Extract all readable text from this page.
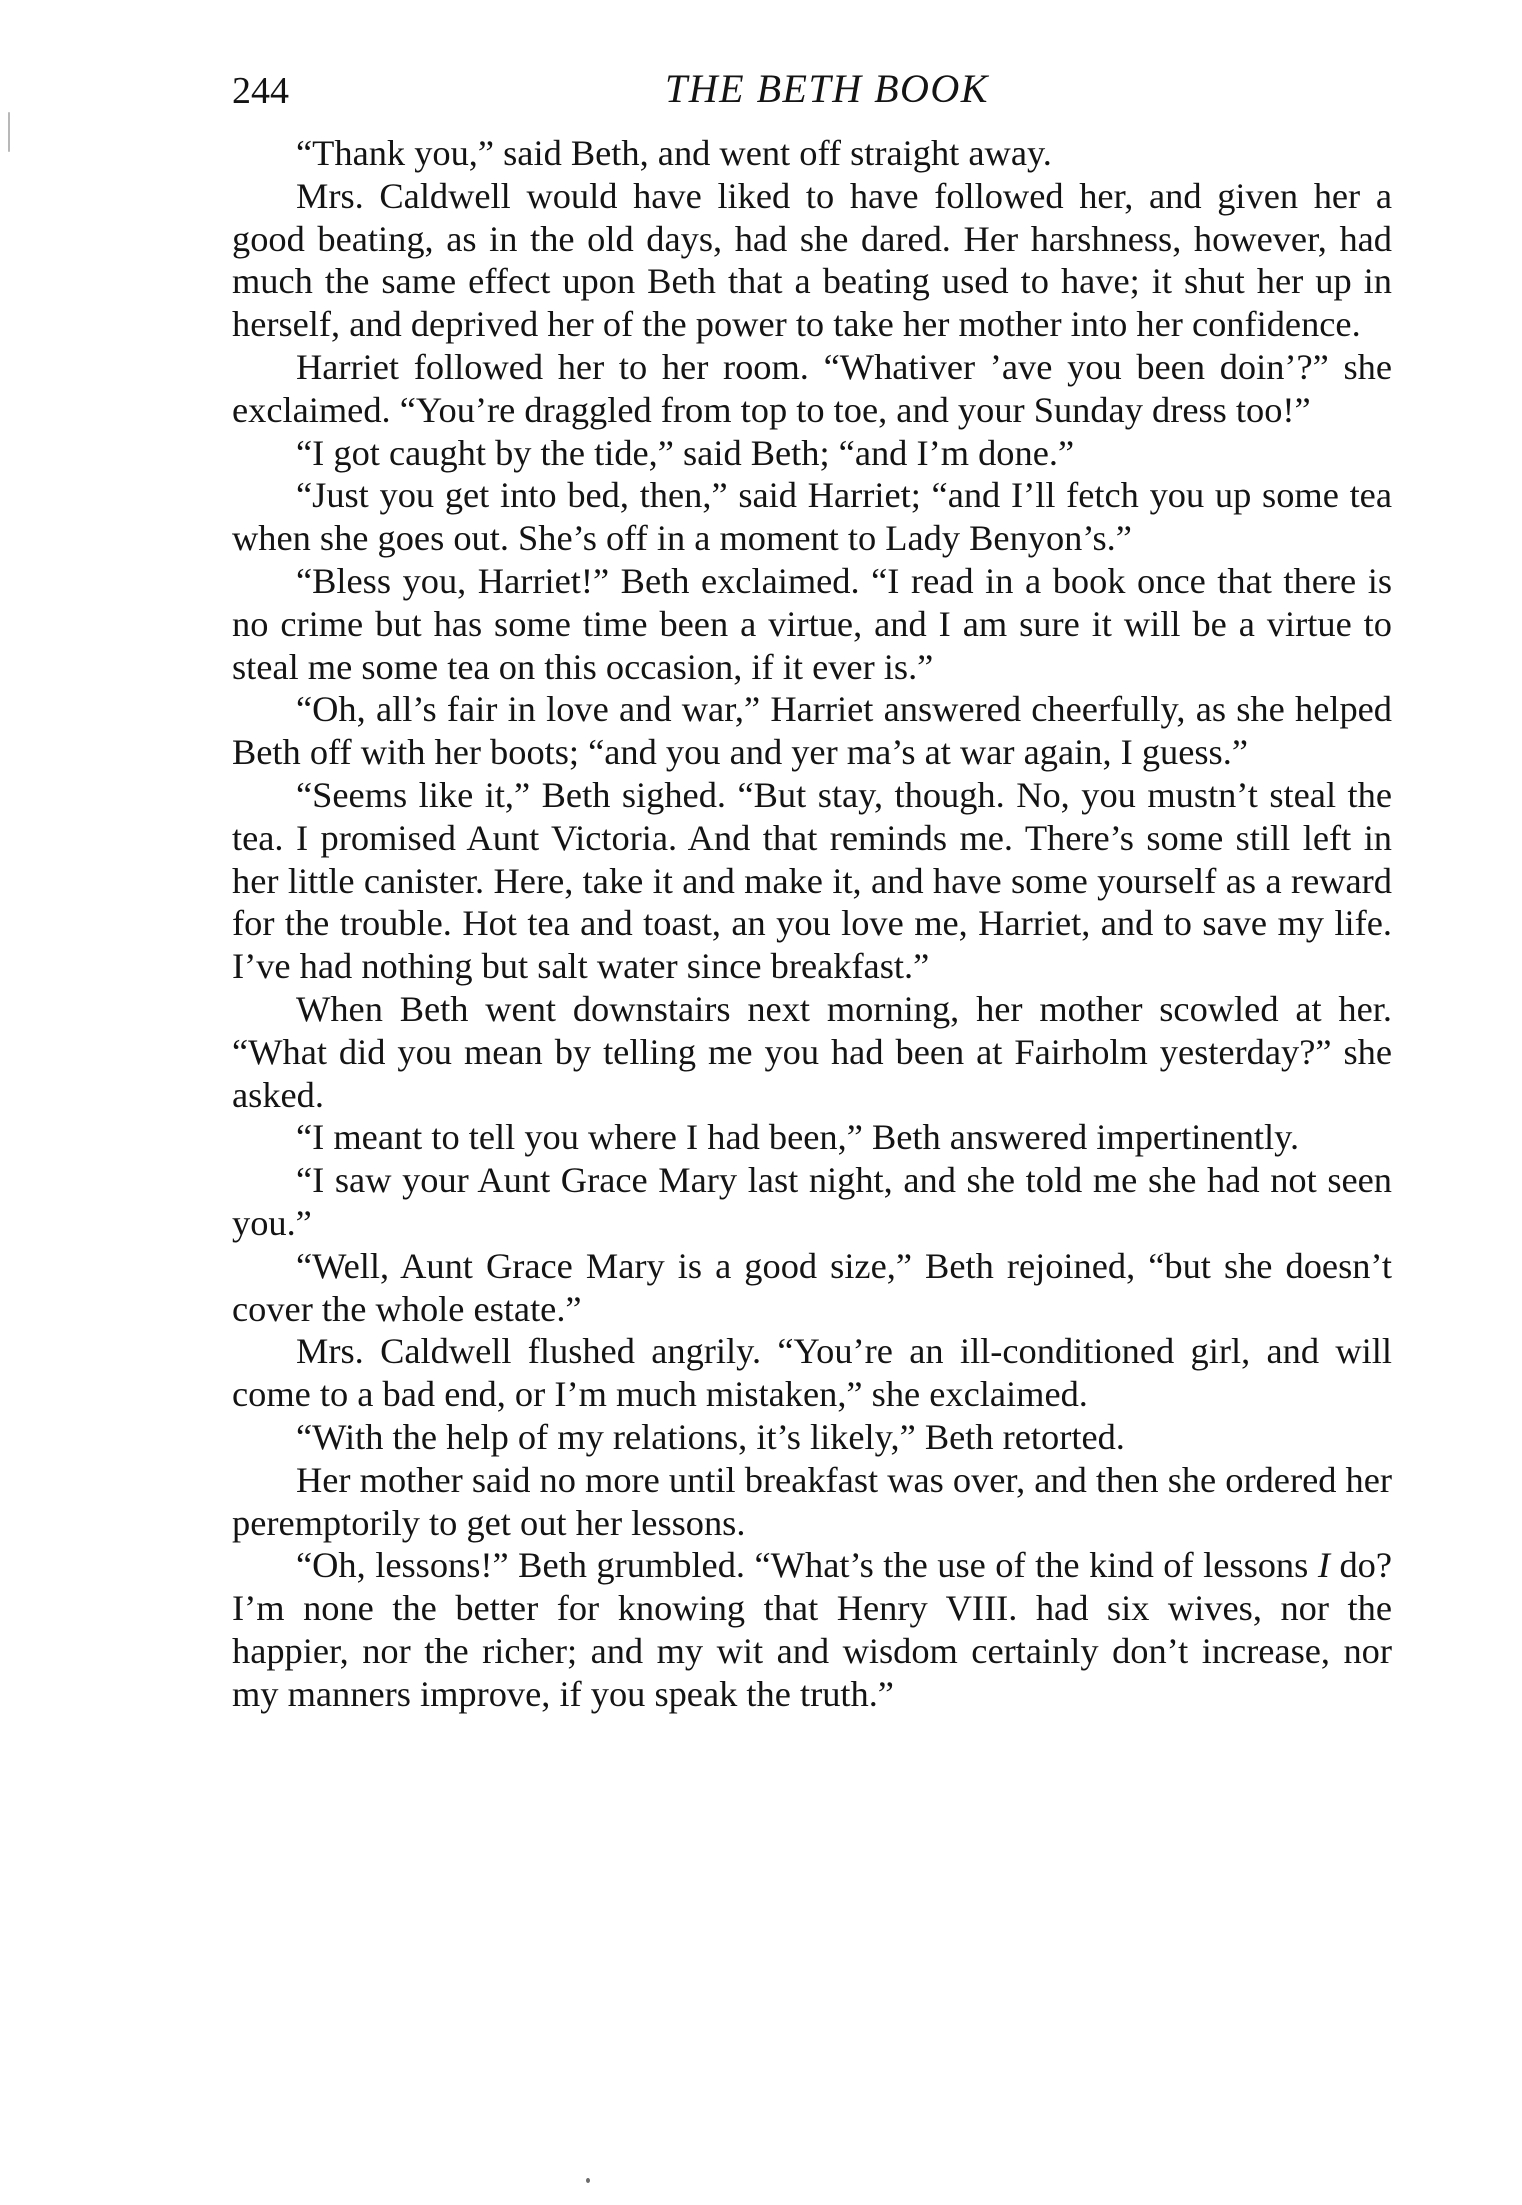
244	THE BETH BOOK

“Thank you,” said Beth, and went off straight away.

Mrs. Caldwell would have liked to have followed her, and given her a good beating, as in the old days, had she dared. Her harshness, however, had much the same effect upon Beth that a beating used to have; it shut her up in herself, and deprived her of the power to take her mother into her confidence.

Harriet followed her to her room. “Whativer ’ave you been doin’?” she exclaimed. “You’re draggled from top to toe, and your Sunday dress too!”

“I got caught by the tide,” said Beth; “and I’m done.”

“Just you get into bed, then,” said Harriet; “and I’ll fetch you up some tea when she goes out. She’s off in a moment to Lady Benyon’s.”

“Bless you, Harriet!” Beth exclaimed. “I read in a book once that there is no crime but has some time been a virtue, and I am sure it will be a virtue to steal me some tea on this occasion, if it ever is.”

“Oh, all’s fair in love and war,” Harriet answered cheerfully, as she helped Beth off with her boots; “and you and yer ma’s at war again, I guess.”

“Seems like it,” Beth sighed. “But stay, though. No, you mustn’t steal the tea. I promised Aunt Victoria. And that reminds me. There’s some still left in her little canister. Here, take it and make it, and have some yourself as a reward for the trouble. Hot tea and toast, an you love me, Harriet, and to save my life. I’ve had nothing but salt water since breakfast.”

When Beth went downstairs next morning, her mother scowled at her. “What did you mean by telling me you had been at Fairholm yesterday?” she asked.

“I meant to tell you where I had been,” Beth answered impertinently.

“I saw your Aunt Grace Mary last night, and she told me she had not seen you.”

“Well, Aunt Grace Mary is a good size,” Beth rejoined, “but she doesn’t cover the whole estate.”

Mrs. Caldwell flushed angrily. “You’re an ill-conditioned girl, and will come to a bad end, or I’m much mistaken,” she exclaimed.

“With the help of my relations, it’s likely,” Beth retorted.

Her mother said no more until breakfast was over, and then she ordered her peremptorily to get out her lessons.

“Oh, lessons!” Beth grumbled. “What’s the use of the kind of lessons I do? I’m none the better for knowing that Henry VIII. had six wives, nor the happier, nor the richer; and my wit and wisdom certainly don’t increase, nor my manners improve, if you speak the truth.”
